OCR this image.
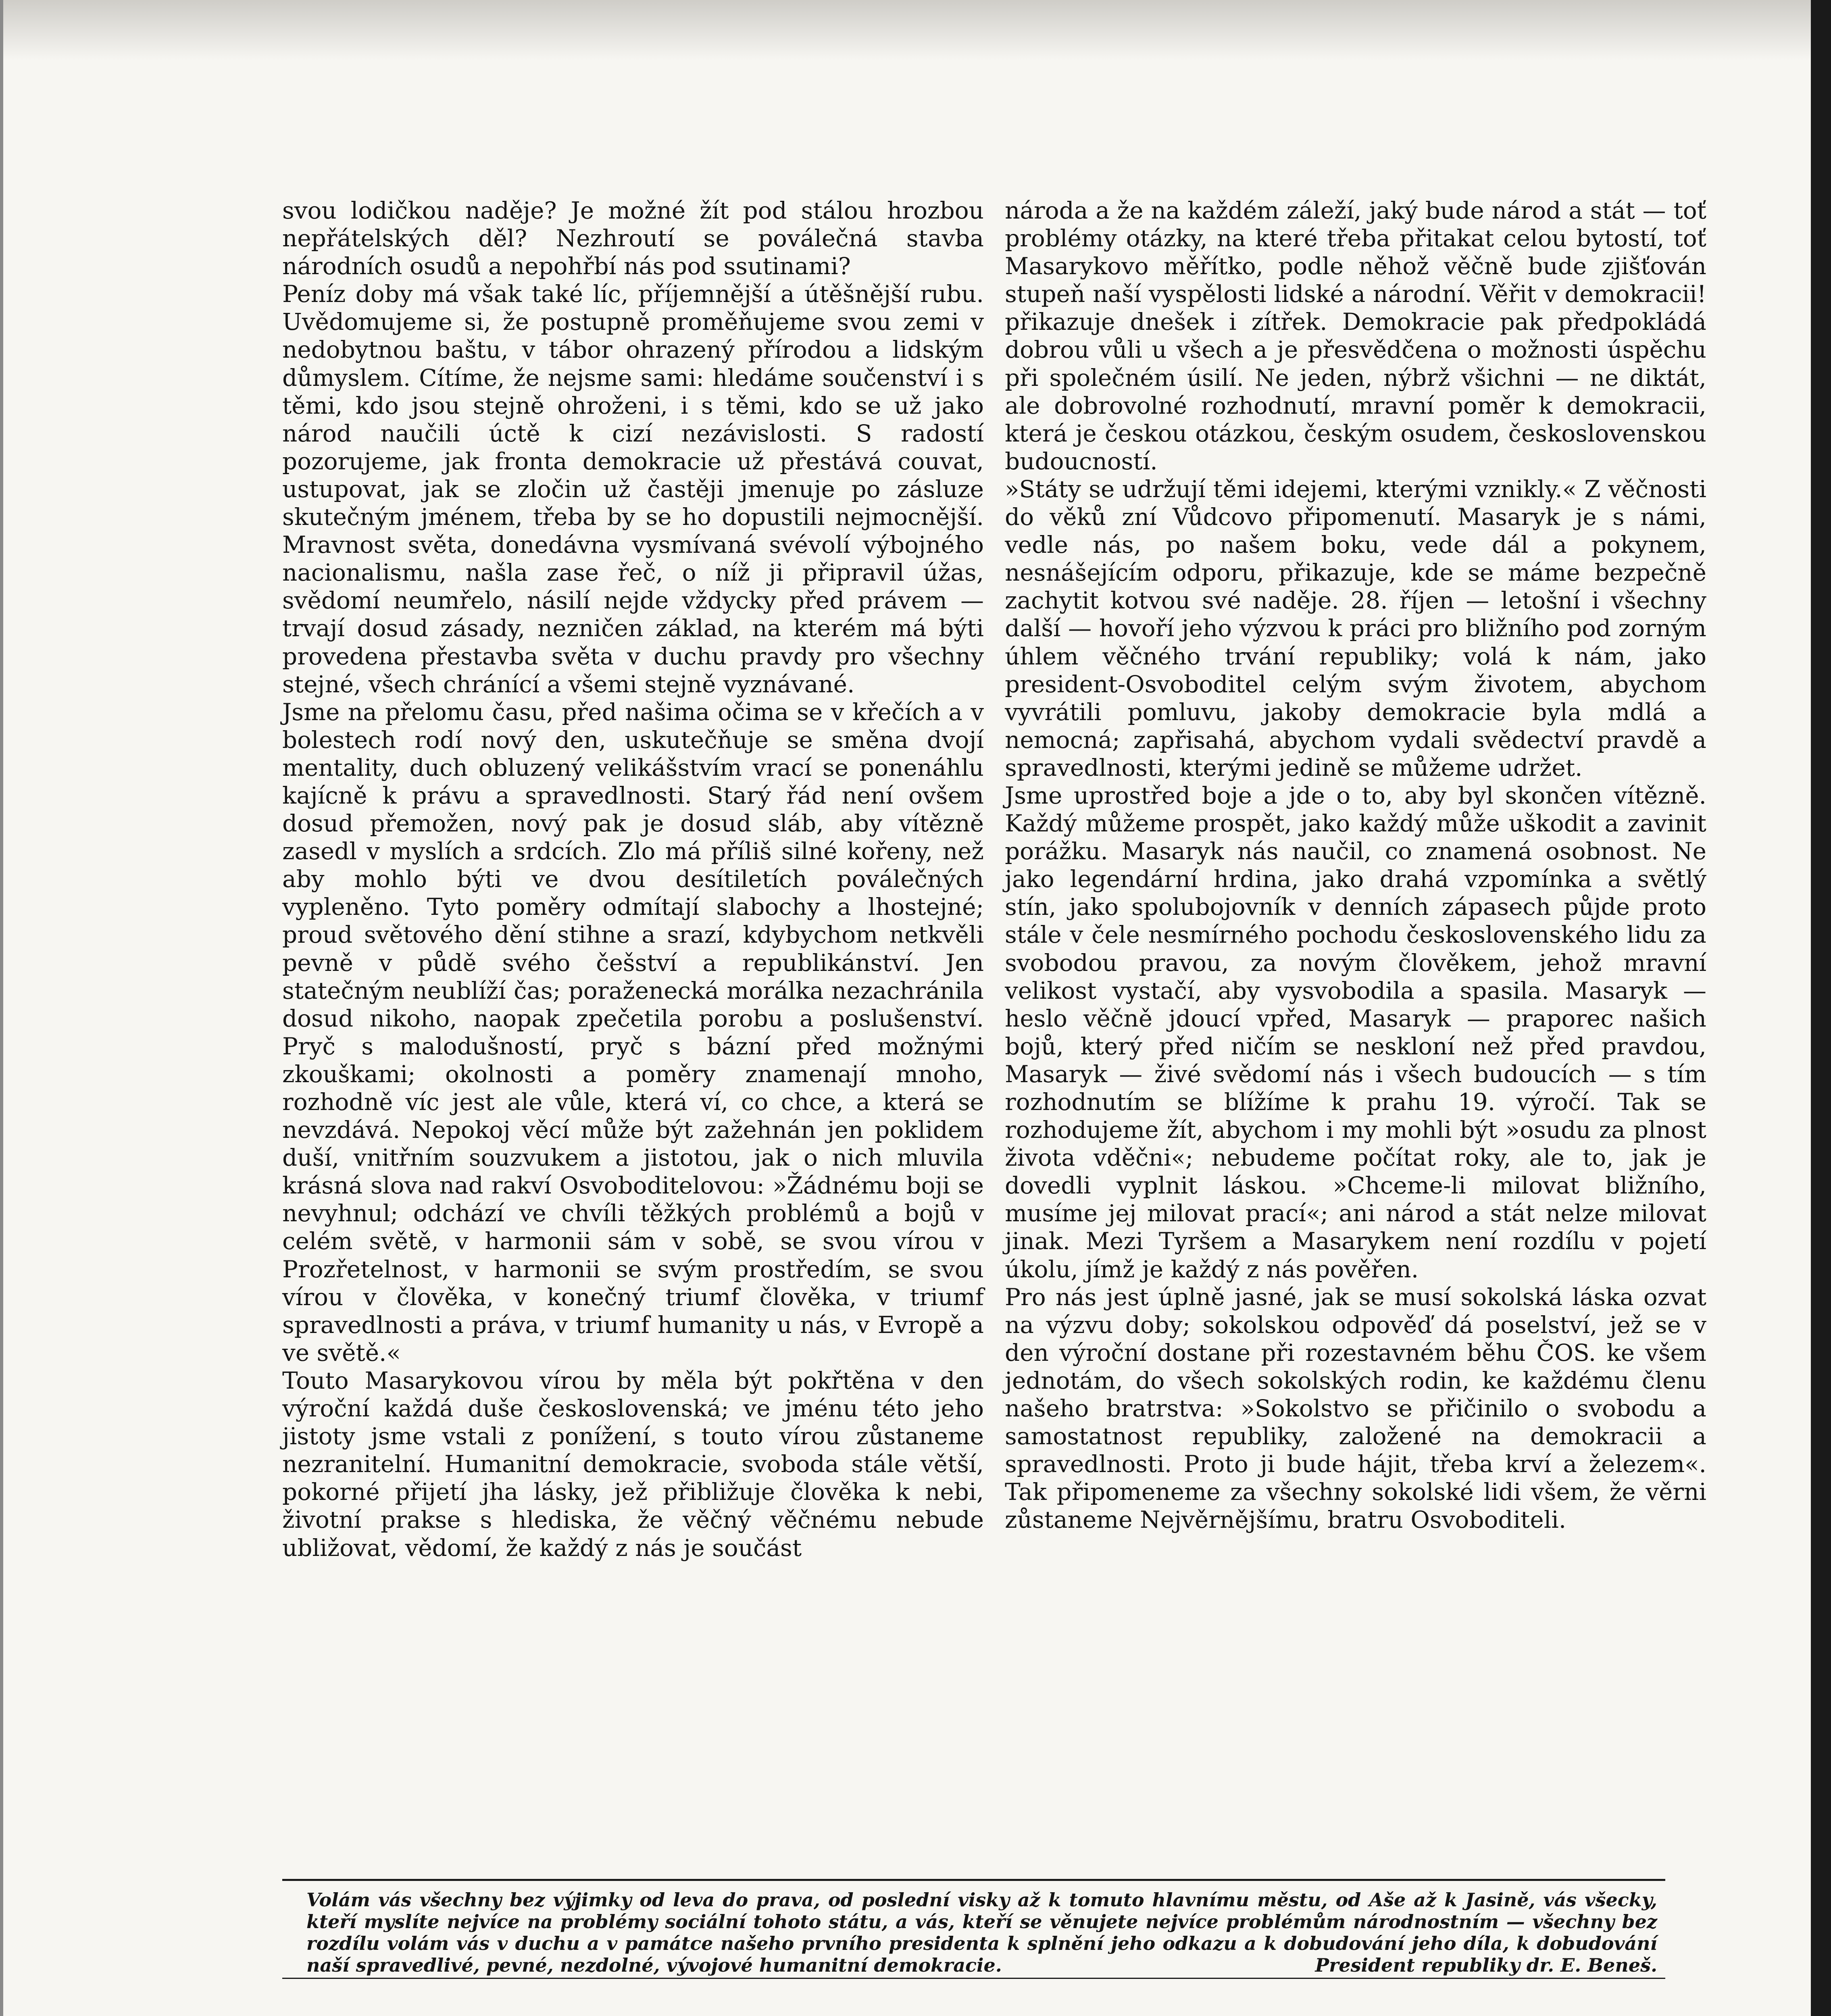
svou lodičkou naděje? Je možné žít pod stálou hrozbou nepřátelských děl? Nezhroutí se poválečná stavba národních osudů a nepohřbí nás pod ssutinami?

Peníz doby má však také líc, příjemnější a útěšnější rubu. Uvědomujeme si, že postupně proměňujeme svou zemi v nedobytnou baštu, v tábor ohrazený přírodou a lidským důmyslem. Cítíme, že nejsme sami: hledáme součenství i s těmi, kdo jsou stejně ohroženi, i s těmi, kdo se už jako národ naučili úctě k cizí nezávislosti. S radostí pozorujeme, jak fronta demokracie už přestává couvat, ustupovat, jak se zločin už častěji jmenuje po zásluze skutečným jménem, třeba by se ho dopustili nejmocnější. Mravnost světa, donedávna vysmívaná svévolí výbojného nacionalismu, našla zase řeč, o níž ji připravil úžas, svědomí neumřelo, násilí nejde vždycky před právem — trvají dosud zásady, nezničen základ, na kterém má býti provedena přestavba světa v duchu pravdy pro všechny stejné, všech chránící a všemi stejně vyznávané.

Jsme na přelomu času, před našima očima se v křečích a v bolestech rodí nový den, uskutečňuje se směna dvojí mentality, duch obluzený velikášstvím vrací se ponenáhlu kajícně k právu a spravedlnosti. Starý řád není ovšem dosud přemožen, nový pak je dosud sláb, aby vítězně zasedl v myslích a srdcích. Zlo má příliš silné kořeny, než aby mohlo býti ve dvou desítiletích poválečných vypleněno. Tyto poměry odmítají slabochy a lhostejné; proud světového dění stihne a srazí, kdybychom netkvěli pevně v půdě svého češství a republikánství. Jen statečným neublíží čas; poraženecká morálka nezachránila dosud nikoho, naopak zpečetila porobu a poslušenství. Pryč s malodušností, pryč s bázní před možnými zkouškami; okolnosti a poměry znamenají mnoho, rozhodně víc jest ale vůle, která ví, co chce, a která se nevzdává. Nepokoj věcí může být zažehnán jen poklidem duší, vnitřním souzvukem a jistotou, jak o nich mluvila krásná slova nad rakví Osvoboditelovou: »Žádnému boji se nevyhnul; odchází ve chvíli těžkých problémů a bojů v celém světě, v harmonii sám v sobě, se svou vírou v Prozřetelnost, v harmonii se svým prostředím, se svou vírou v člověka, v konečný triumf člověka, v triumf spravedlnosti a práva, v triumf humanity u nás, v Evropě a ve světě.«

Touto Masarykovou vírou by měla být pokřtěna v den výroční každá duše československá; ve jménu této jeho jistoty jsme vstali z ponížení, s touto vírou zůstaneme nezranitelní. Humanitní demokracie, svoboda stále větší, pokorné přijetí jha lásky, jež přibližuje člověka k nebi, životní prakse s hlediska, že věčný věčnému nebude ubližovat, vědomí, že každý z nás je součást

národa a že na každém záleží, jaký bude národ a stát — toť problémy otázky, na které třeba přitakat celou bytostí, toť Masarykovo měřítko, podle něhož věčně bude zjišťován stupeň naší vyspělosti lidské a národní. Věřit v demokracii! přikazuje dnešek i zítřek. Demokracie pak předpokládá dobrou vůli u všech a je přesvědčena o možnosti úspěchu při společném úsilí. Ne jeden, nýbrž všichni — ne diktát, ale dobrovolné rozhodnutí, mravní poměr k demokracii, která je českou otázkou, českým osudem, československou budoucností.

»Státy se udržují těmi idejemi, kterými vznikly.« Z věčnosti do věků zní Vůdcovo připomenutí. Masaryk je s námi, vedle nás, po našem boku, vede dál a pokynem, nesnášejícím odporu, přikazuje, kde se máme bezpečně zachytit kotvou své naděje. 28. říjen — letošní i všechny další — hovoří jeho výzvou k práci pro bližního pod zorným úhlem věčného trvání republiky; volá k nám, jako president-Osvoboditel celým svým životem, abychom vyvrátili pomluvu, jakoby demokracie byla mdlá a nemocná; zapřisahá, abychom vydali svědectví pravdě a spravedlnosti, kterými jedině se můžeme udržet.

Jsme uprostřed boje a jde o to, aby byl skončen vítězně. Každý můžeme prospět, jako každý může uškodit a zavinit porážku. Masaryk nás naučil, co znamená osobnost. Ne jako legendární hrdina, jako drahá vzpomínka a světlý stín, jako spolubojovník v denních zápasech půjde proto stále v čele nesmírného pochodu československého lidu za svobodou pravou, za novým člověkem, jehož mravní velikost vystačí, aby vysvobodila a spasila. Masaryk — heslo věčně jdoucí vpřed, Masaryk — praporec našich bojů, který před ničím se neskloní než před pravdou, Masaryk — živé svědomí nás i všech budoucích — s tím rozhodnutím se blížíme k prahu 19. výročí. Tak se rozhodujeme žít, abychom i my mohli být »osudu za plnost života vděčni«; nebudeme počítat roky, ale to, jak je dovedli vyplnit láskou. »Chceme-li milovat bližního, musíme jej milovat prací«; ani národ a stát nelze milovat jinak. Mezi Tyršem a Masarykem není rozdílu v pojetí úkolu, jímž je každý z nás pověřen.

Pro nás jest úplně jasné, jak se musí sokolská láska ozvat na výzvu doby; sokolskou odpověď dá poselství, jež se v den výroční dostane při rozestavném běhu ČOS. ke všem jednotám, do všech sokolských rodin, ke každému členu našeho bratrstva: »Sokolstvo se přičinilo o svobodu a samostatnost republiky, založené na demokracii a spravedlnosti. Proto ji bude hájit, třeba krví a železem«. Tak připomeneme za všechny sokolské lidi všem, že věrni zůstaneme Nejvěrnějšímu, bratru Osvoboditeli.

Volám vás všechny bez výjimky od leva do prava, od poslední visky až k tomuto hlavnímu městu, od Aše až k Jasině, vás všecky, kteří myslíte nejvíce na problémy sociální tohoto státu, a vás, kteří se věnujete nejvíce problémům národnostním — všechny bez rozdílu volám vás v duchu a v památce našeho prvního presidenta k splnění jeho odkazu a k dobudování jeho díla, k dobudování naší spravedlivé, pevné, nezdolné, vývojové humanitní demokracie.	President republiky dr. E. Beneš.
